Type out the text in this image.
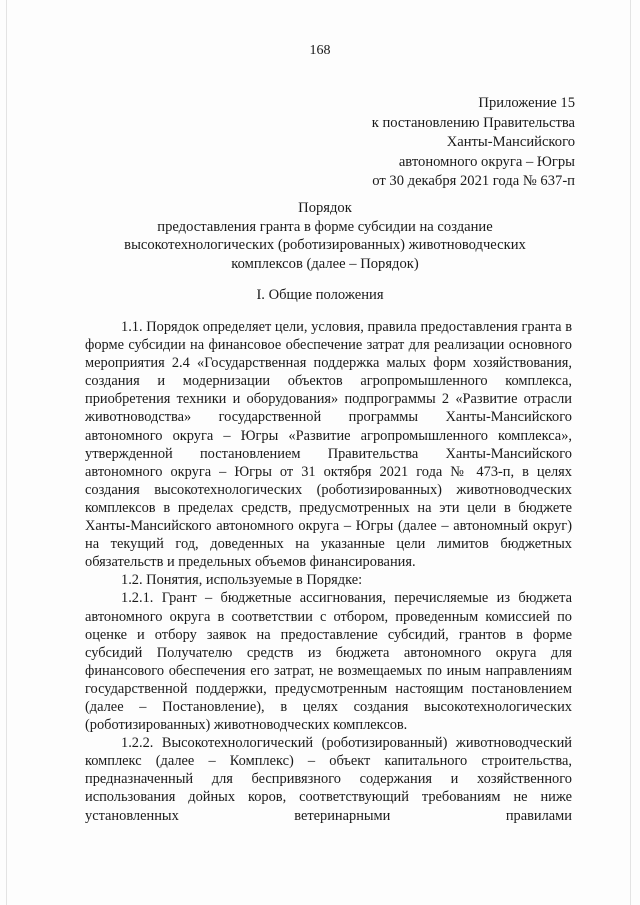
168
Приложение 15
к постановлению Правительства
Ханты-Мансийского
автономного округа – Югры
от 30 декабря 2021 года № 637-п
Порядок
предоставления гранта в форме субсидии на создание
высокотехнологических (роботизированных) животноводческих
комплексов (далее – Порядок)
I. Общие положения

1.1. Порядок определяет цели, условия, правила предоставления гранта в форме субсидии на финансовое обеспечение затрат для реализации основного мероприятия 2.4 «Государственная поддержка малых форм хозяйствования, создания и модернизации объектов агропромышленного комплекса, приобретения техники и оборудования» подпрограммы 2 «Развитие отрасли животноводства» государственной программы Ханты-Мансийского автономного округа – Югры «Развитие агропромышленного комплекса», утвержденной постановлением Правительства Ханты-Мансийского автономного округа – Югры от 31 октября 2021 года № 473-п, в целях создания высокотехнологических (роботизированных) животноводческих комплексов в пределах средств, предусмотренных на эти цели в бюджете Ханты-Мансийского автономного округа – Югры (далее – автономный округ) на текущий год, доведенных на указанные цели лимитов бюджетных обязательств и предельных объемов финансирования.

1.2. Понятия, используемые в Порядке:

1.2.1. Грант – бюджетные ассигнования, перечисляемые из бюджета автономного округа в соответствии с отбором, проведенным комиссией по оценке и отбору заявок на предоставление субсидий, грантов в форме субсидий Получателю средств из бюджета автономного округа для финансового обеспечения его затрат, не возмещаемых по иным направлениям государственной поддержки, предусмотренным настоящим постановлением (далее – Постановление), в целях создания высокотехнологических (роботизированных) животноводческих комплексов.

1.2.2. Высокотехнологический (роботизированный) животноводческий комплекс (далее – Комплекс) – объект капитального строительства, предназначенный для беспривязного содержания и хозяйственного использования дойных коров, соответствующий требованиям не ниже установленных ветеринарными правилами
